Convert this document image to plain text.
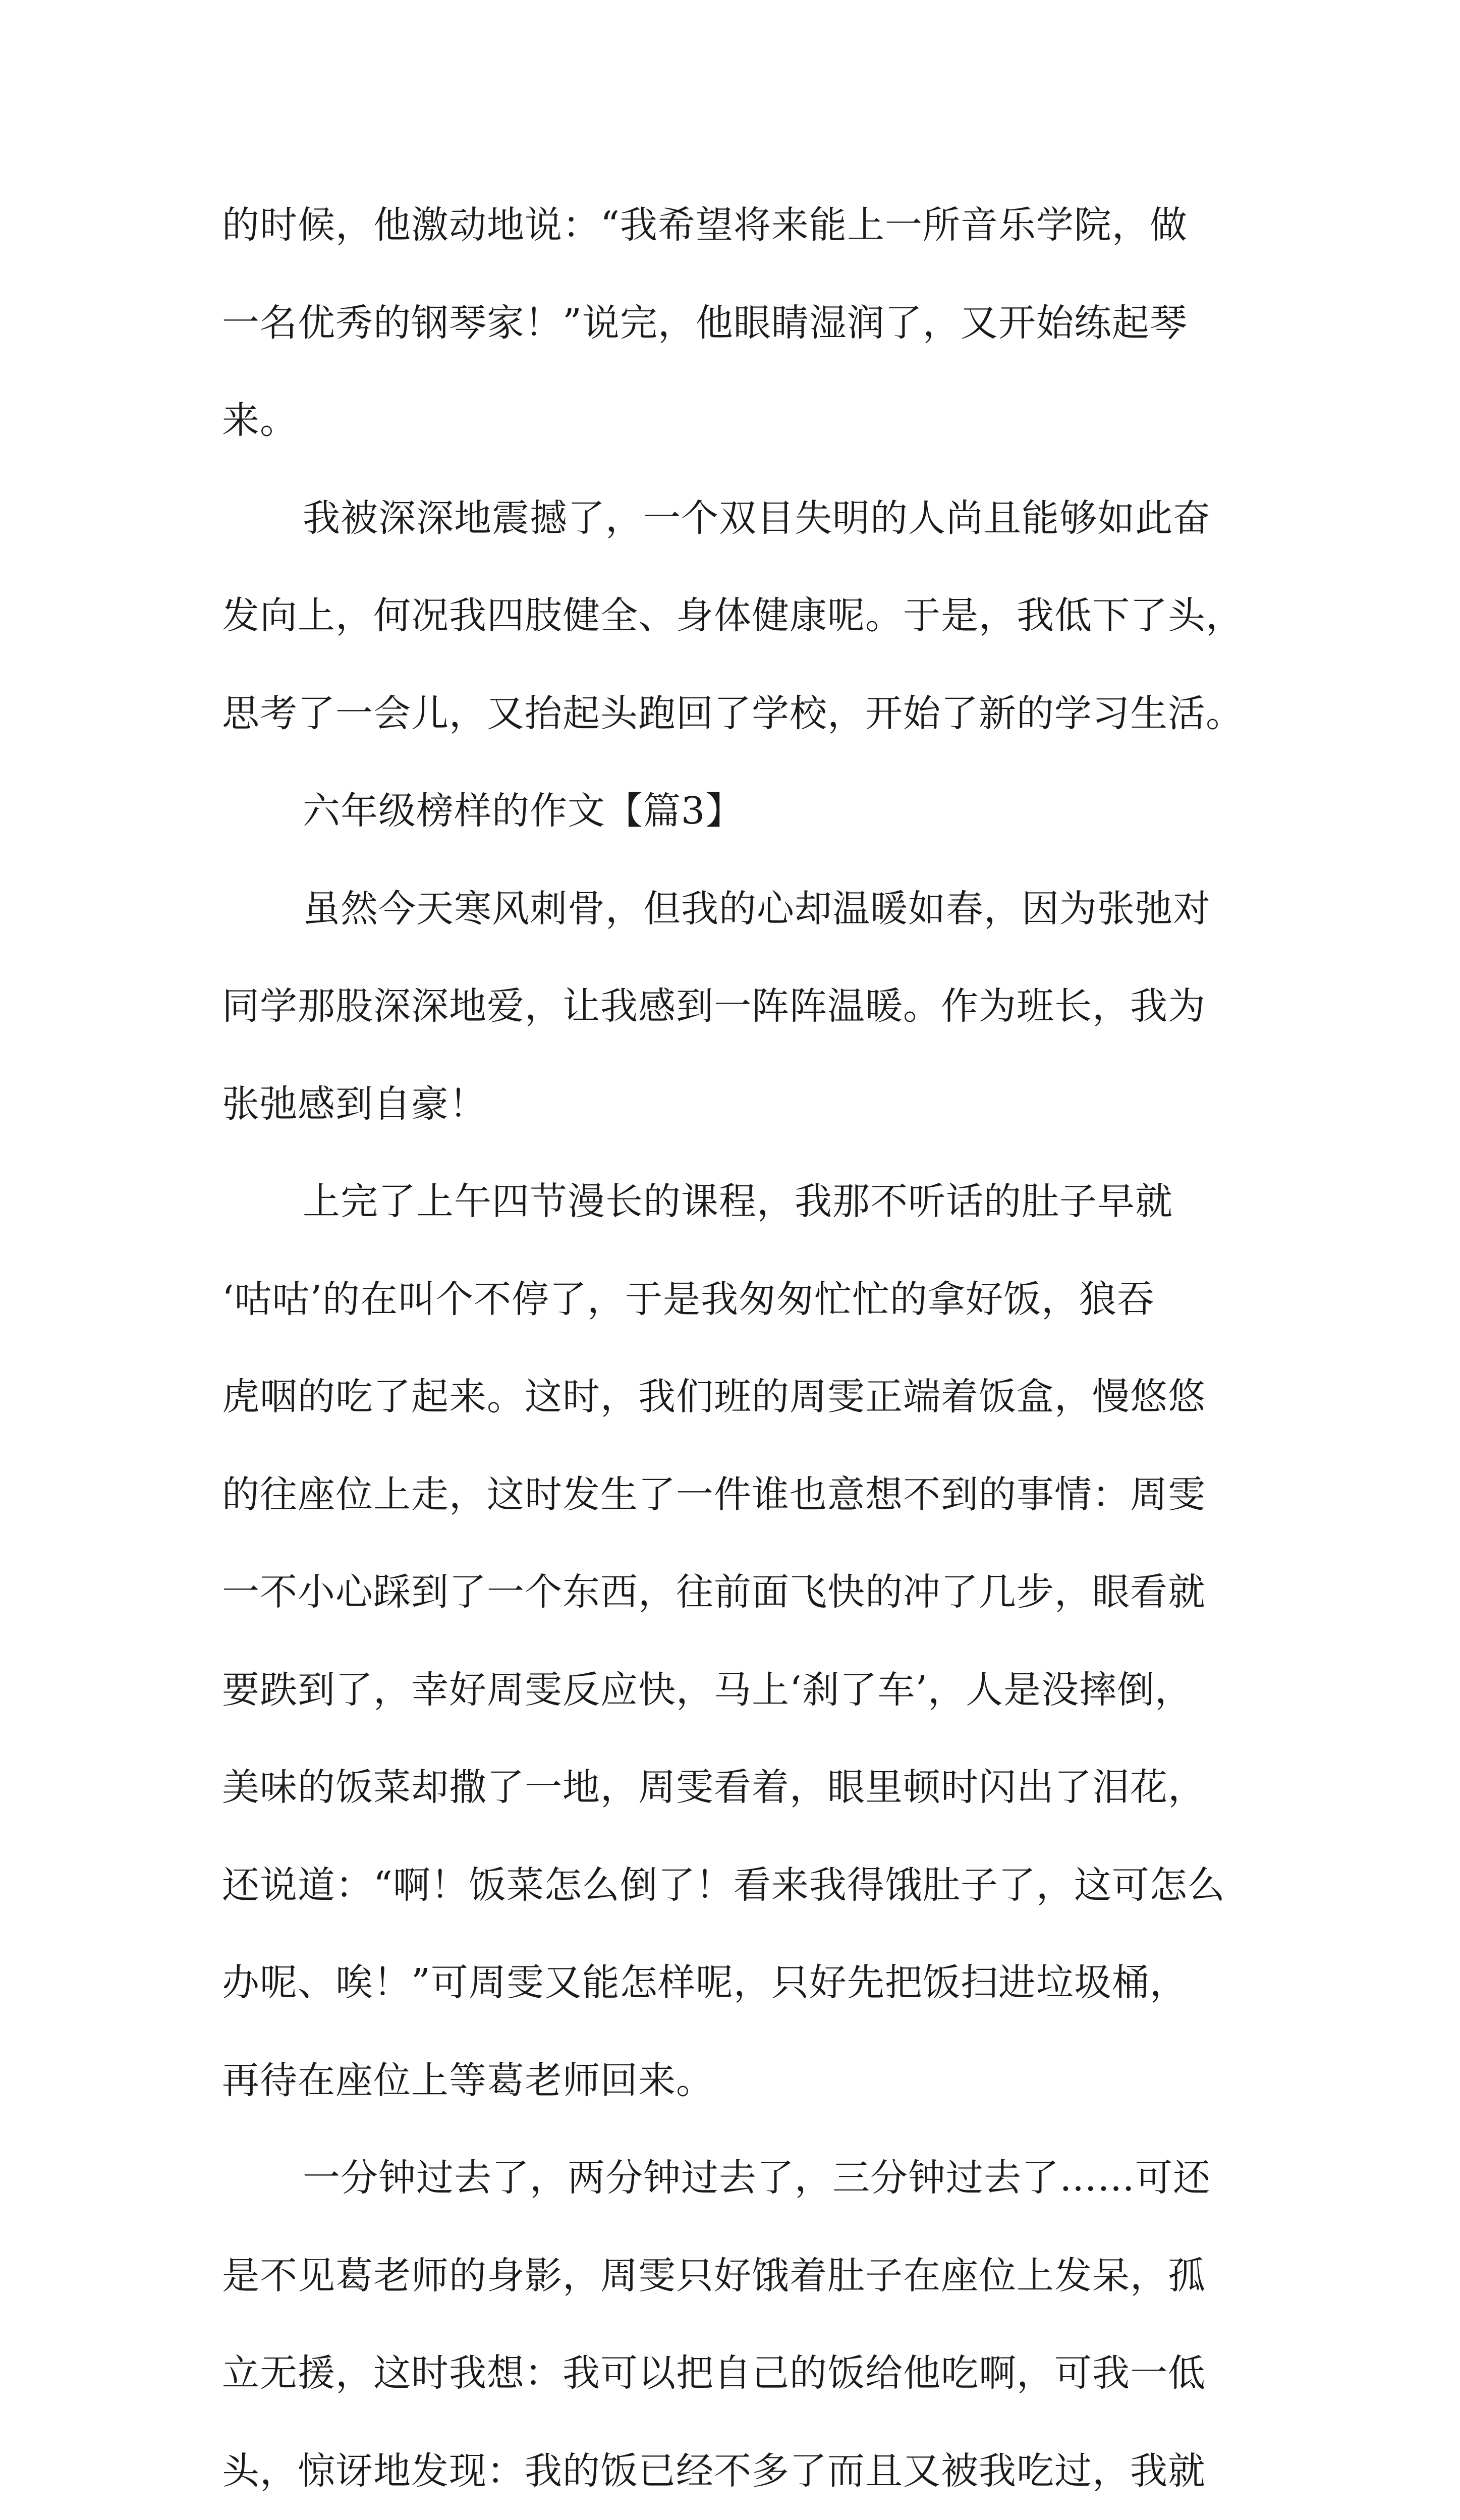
的时候，他激动地说：“我希望将来能上一所音乐学院，做
一名优秀的钢琴家！”说完，他眼睛湿润了，又开始练起琴
来。
我被深深地震撼了，一个双目失明的人尚且能够如此奋
发向上，何况我四肢健全、身体健康呢。于是，我低下了头，
思考了一会儿，又抬起头跑回了学校，开始了新的学习生活。
六年级榜样的作文【篇3】
虽然今天寒风刺骨，但我的心却温暖如春，因为张弛对
同学那股深深地爱，让我感到一阵阵温暖。作为班长，我为
张弛感到自豪！
上完了上午四节漫长的课程，我那不听话的肚子早就
‘咕咕’的在叫个不停了，于是我匆匆忙忙的拿好饭，狼吞
虎咽的吃了起来。这时，我们班的周雯正端着饭盒，慢悠悠
的往座位上走，这时发生了一件谁也意想不到的事情：周雯
一不小心踩到了一个东西，往前面飞快的冲了几步，眼看就
要跌到了，幸好周雯反应快，马上‘刹了车’，人是没摔倒，
美味的饭菜却撒了一地，周雯看着，眼里顿时闪出了泪花，
还说道：“啊！饭菜怎么倒了！看来我得饿肚子了，这可怎么
办呢、唉！”可周雯又能怎样呢，只好先把饭扫进垃圾桶，
再待在座位上等葛老师回来。
一分钟过去了，两分钟过去了，三分钟过去了……可还
是不见葛老师的身影，周雯只好饿着肚子在座位上发呆，孤
立无援，这时我想：我可以把自己的饭给他吃啊，可我一低
头，惊讶地发现：我的饭已经不多了而且又被我吃过，我就
